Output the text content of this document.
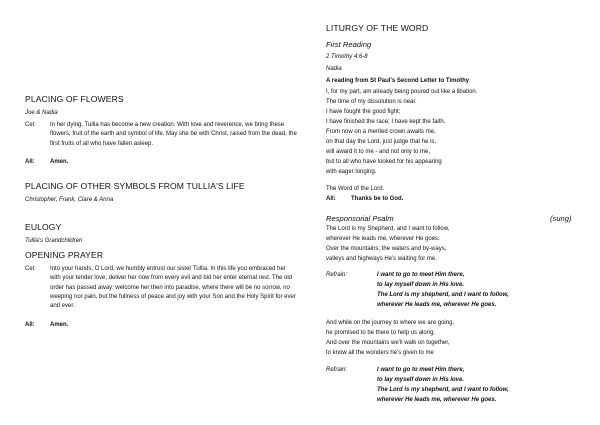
PLACING OF FLOWERS
Joe & Nadia
Cel: In her dying, Tullia has become a new creation. With love and reverence, we bring these flowers, fruit of the earth and symbol of life. May she be with Christ, raised from the dead, the first fruits of all who have fallen asleep.
All:	Amen.
PLACING OF OTHER SYMBOLS FROM TULLIA'S LIFE
Christopher, Frank, Clare & Anna
EULOGY
Tullia's Grandchildren
OPENING PRAYER
Cel: Into your hands, O Lord, we humbly entrust our sister Tullia. In this life you embraced her with your tender love; deliver her now from every evil and bid her enter eternal rest. The old order has passed away: welcome her then into paradise, where there will be no sorrow, no weeping nor pain, but the fullness of peace and joy with your Son and the Holy Spirit for ever and ever.
All:	Amen.
LITURGY OF THE WORD
First Reading
2 Timothy 4:6-8
Nadia
A reading from St Paul's Second Letter to Timothy
I, for my part, am already being poured out like a libation.
The time of my dissolution is near.
I have fought the good fight;
I have finished the race; I have kept the faith.
From now on a merited crown awaits me,
on that day the Lord, just judge that he is,
will award it to me - and not only to me,
but to all who have looked for his appearing
with eager longing.
The Word of the Lord.
All:	Thanks be to God.
Responsorial Psalm	(sung)
The Lord is my Shepherd, and I want to follow,
wherever He leads me, wherever He goes.
Over the mountains, the waters and by-ways,
valleys and highways He's waiting for me.
Refrain:	I want to go to meet Him there,
to lay myself down in His love.
The Lord is my shepherd, and I want to follow,
wherever He leads me, wherever He goes.
And while on the journey to where we are going,
he promised to be there to help us along.
And over the mountains we'll walk on together,
to know all the wonders he's given to me
Refrain:	I want to go to meet Him there,
to lay myself down in His love.
The Lord is my shepherd, and I want to follow,
wherever He leads me, wherever He goes.
